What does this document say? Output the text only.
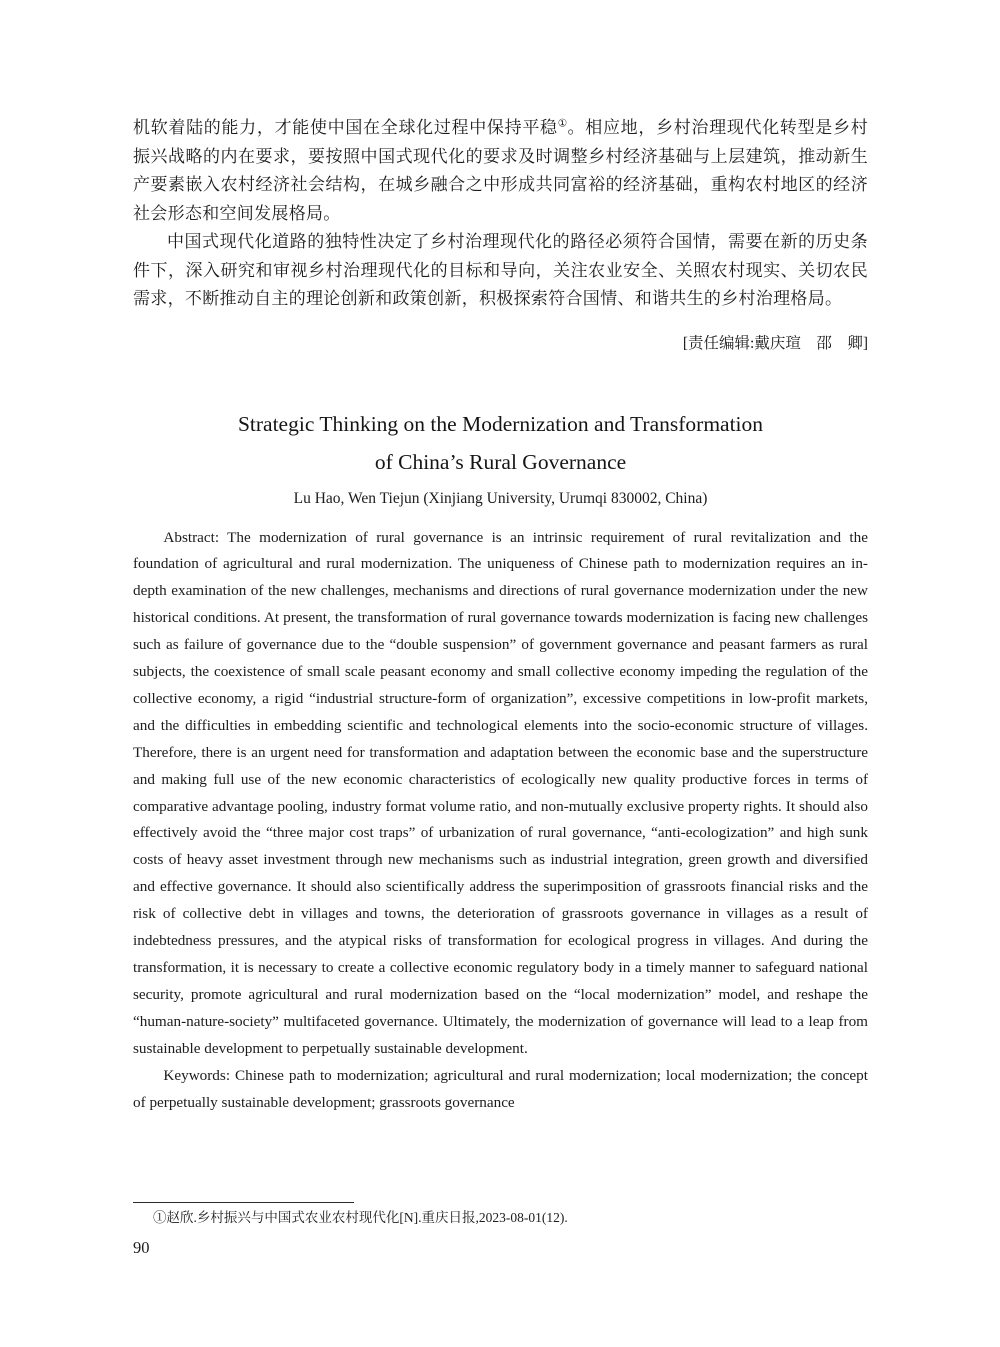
机软着陆的能力，才能使中国在全球化过程中保持平稳①。相应地，乡村治理现代化转型是乡村振兴战略的内在要求，要按照中国式现代化的要求及时调整乡村经济基础与上层建筑，推动新生产要素嵌入农村经济社会结构，在城乡融合之中形成共同富裕的经济基础，重构农村地区的经济社会形态和空间发展格局。

中国式现代化道路的独特性决定了乡村治理现代化的路径必须符合国情，需要在新的历史条件下，深入研究和审视乡村治理现代化的目标和导向，关注农业安全、关照农村现实、关切农民需求，不断推动自主的理论创新和政策创新，积极探索符合国情、和谐共生的乡村治理格局。

[责任编辑:戴庆瑄　邵　卿]

Strategic Thinking on the Modernization and Transformation
of China’s Rural Governance

Lu Hao, Wen Tiejun (Xinjiang University, Urumqi 830002, China)

Abstract: The modernization of rural governance is an intrinsic requirement of rural revitalization and the foundation of agricultural and rural modernization. The uniqueness of Chinese path to modernization requires an in-depth examination of the new challenges, mechanisms and directions of rural governance modernization under the new historical conditions. At present, the transformation of rural governance towards modernization is facing new challenges such as failure of governance due to the “double suspension” of government governance and peasant farmers as rural subjects, the coexistence of small scale peasant economy and small collective economy impeding the regulation of the collective economy, a rigid “industrial structure-form of organization”, excessive competitions in low-profit markets, and the difficulties in embedding scientific and technological elements into the socio-economic structure of villages. Therefore, there is an urgent need for transformation and adaptation between the economic base and the superstructure and making full use of the new economic characteristics of ecologically new quality productive forces in terms of comparative advantage pooling, industry format volume ratio, and non-mutually exclusive property rights. It should also effectively avoid the “three major cost traps” of urbanization of rural governance, “anti-ecologization” and high sunk costs of heavy asset investment through new mechanisms such as industrial integration, green growth and diversified and effective governance. It should also scientifically address the superimposition of grassroots financial risks and the risk of collective debt in villages and towns, the deterioration of grassroots governance in villages as a result of indebtedness pressures, and the atypical risks of transformation for ecological progress in villages. And during the transformation, it is necessary to create a collective economic regulatory body in a timely manner to safeguard national security, promote agricultural and rural modernization based on the “local modernization” model, and reshape the “human-nature-society” multifaceted governance. Ultimately, the modernization of governance will lead to a leap from sustainable development to perpetually sustainable development.

Keywords: Chinese path to modernization; agricultural and rural modernization; local modernization; the concept of perpetually sustainable development; grassroots governance

①赵欣.乡村振兴与中国式农业农村现代化[N].重庆日报,2023-08-01(12).

90
